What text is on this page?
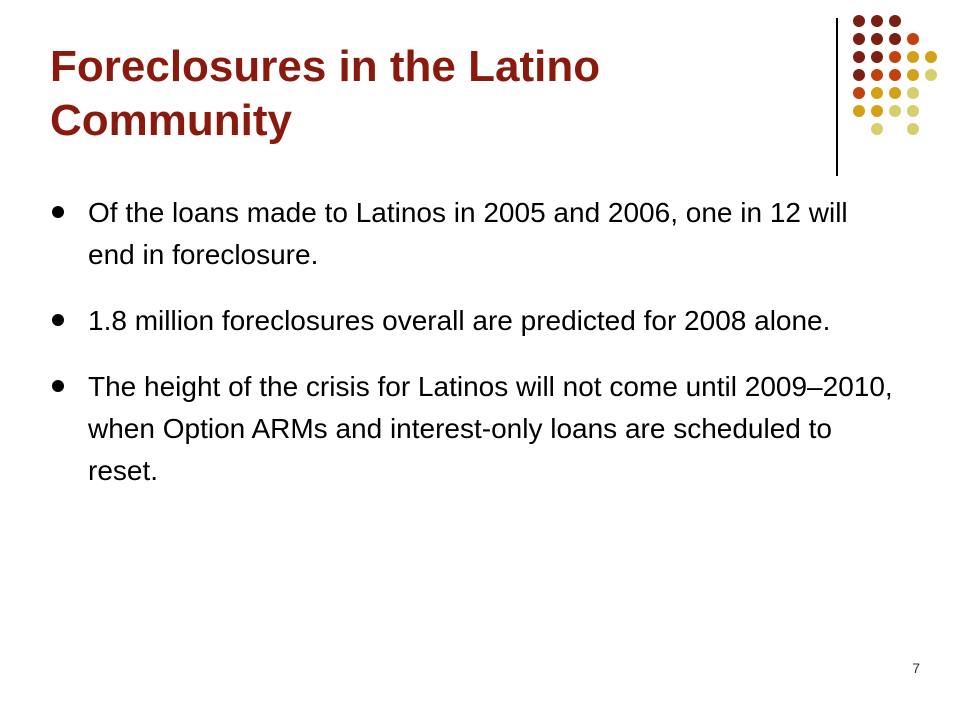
Foreclosures in the Latino Community
Of the loans made to Latinos in 2005 and 2006, one in 12 will end in foreclosure.
1.8 million foreclosures overall are predicted for 2008 alone.
The height of the crisis for Latinos will not come until 2009–2010, when Option ARMs and interest-only loans are scheduled to reset.
7
